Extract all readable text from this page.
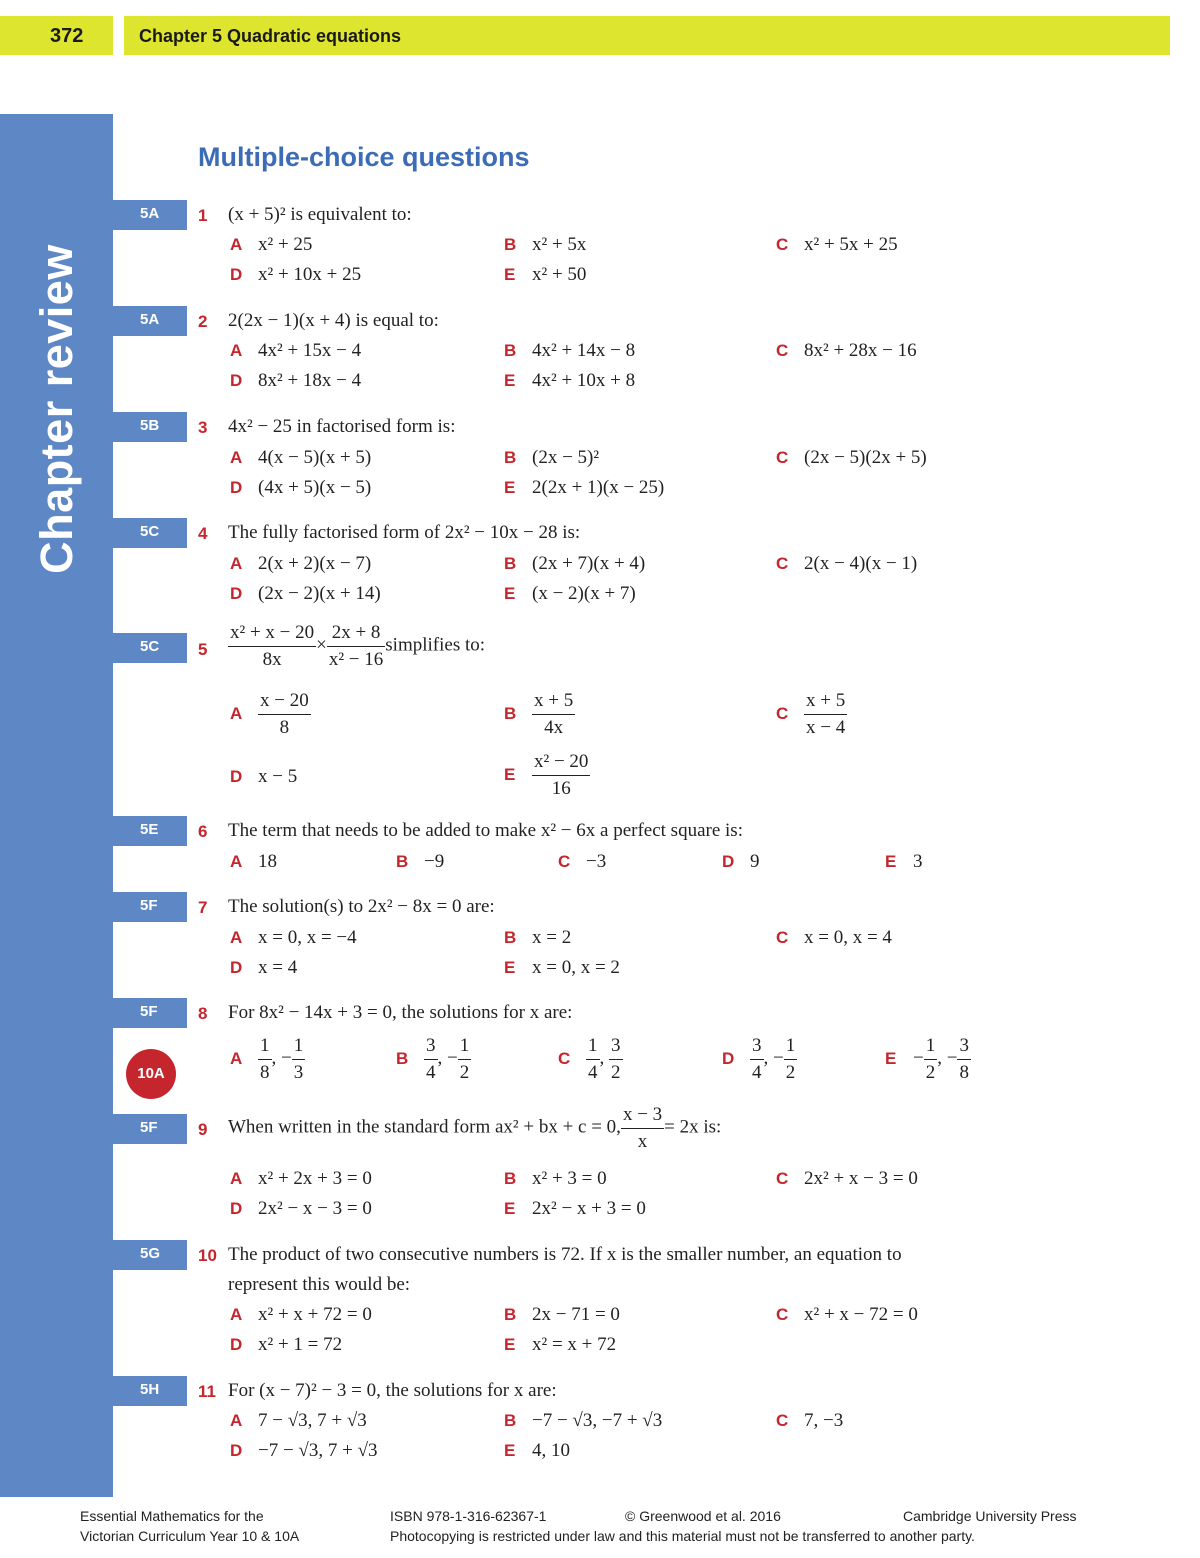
372	Chapter 5 Quadratic equations
Chapter review
Multiple-choice questions
5A	1 (x + 5)² is equivalent to:
A x² + 25	B x² + 5x	C x² + 5x + 25
D x² + 10x + 25	E x² + 50
5A	2 2(2x − 1)(x + 4) is equal to:
A 4x² + 15x − 4	B 4x² + 14x − 8	C 8x² + 28x − 16
D 8x² + 18x − 4	E 4x² + 10x + 8
5B	3 4x² − 25 in factorised form is:
A 4(x − 5)(x + 5)	B (2x − 5)²	C (2x − 5)(2x + 5)
D (4x + 5)(x − 5)	E 2(2x + 1)(x − 25)
5C	4 The fully factorised form of 2x² − 10x − 28 is:
A 2(x + 2)(x − 7)	B (2x + 7)(x + 4)	C 2(x − 4)(x − 1)
D (2x − 2)(x + 14)	E (x − 2)(x + 7)
5C	$5 \frac{\text{x² + x − 20}}{8x} \times \frac{2x + 8}{\text{x² − 16}}$ simplifies to:
A $\frac{x - 20}{8}$	B $\frac{x + 5}{4x}$	C $\frac{x + 5}{x - 4}$
D x − 5	E $\frac{\text{x² − 20}}{16}$
5E	6 The term that needs to be added to make x² − 6x a perfect square is:
A 18	B −9	C −3	D 9	E 3
5F	7 The solution(s) to 2x² − 8x = 0 are:
A x = 0, x = −4	B x = 2	C x = 0, x = 4
D x = 4	E x = 0, x = 2
5F	8 For 8x² − 14x + 3 = 0, the solutions for x are:
10A
A $\frac{1}{8}$ , − $\frac{1}{3}$	B $\frac{3}{4}$ , − $\frac{1}{2}$	C $\frac{1}{4}$ , $\frac{3}{2}$	D $\frac{3}{4}$ , − $\frac{1}{2}$	$E - \frac{1}{2}$ , − $\frac{3}{8}$
5F	9 When written in the standard form ax² + bx + c = 0, $\frac{x - 3}{x} = 2x$ is:
A x² + 2x + 3 = 0	B x² + 3 = 0	C 2x² + x − 3 = 0
D 2x² − x − 3 = 0	E 2x² − x + 3 = 0
5G	10 The product of two consecutive numbers is 72. If x is the smaller number, an equation to
represent this would be:
A x² + x + 72 = 0	B 2x − 71 = 0	C x² + x − 72 = 0
D x² + 1 = 72	E x² = x + 72
5H	11 For (x − 7)² − 3 = 0, the solutions for x are:
A 7 − √3, 7 + √3	B −7 − √3, −7 + √3	C 7, −3
D −7 − √3, 7 + √3	E 4, 10
Essential Mathematics for the
Victorian Curriculum Year 10 & 10A
ISBN 978-1-316-62367-1	© Greenwood et al. 2016	Cambridge University Press
Photocopying is restricted under law and this material must not be transferred to another party.
